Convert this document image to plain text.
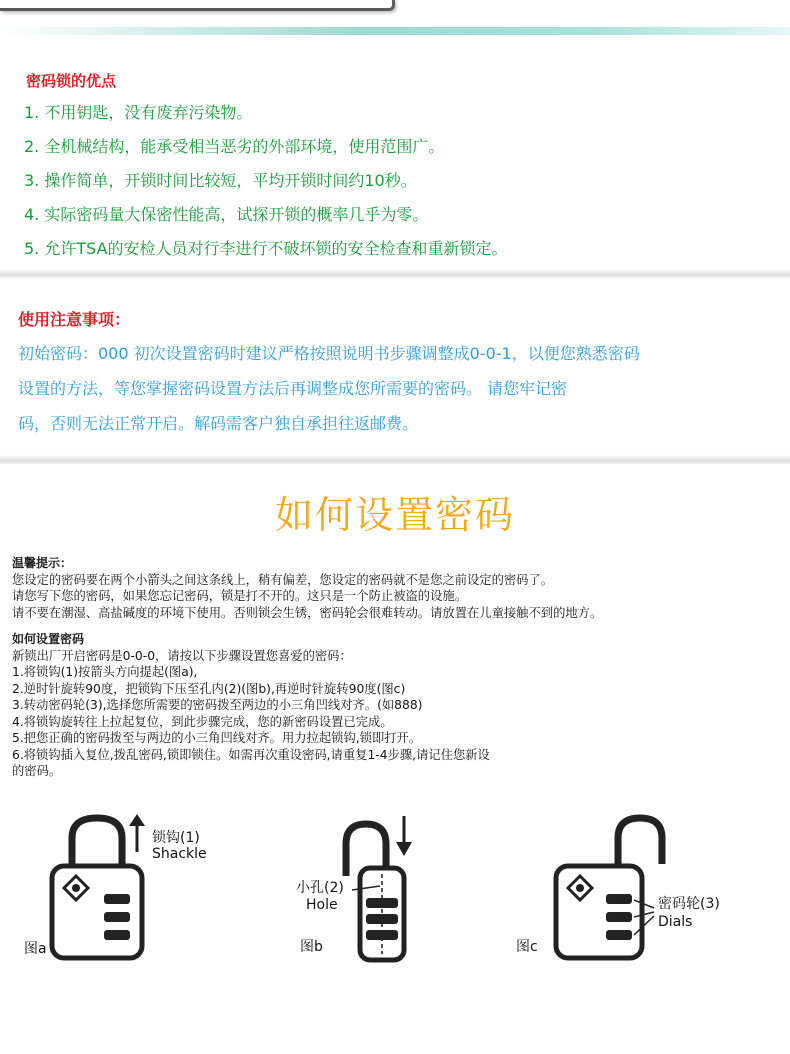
密码锁的优点
1. 不用钥匙，没有废弃污染物。
2. 全机械结构，能承受相当恶劣的外部环境，使用范围广。
3. 操作简单，开锁时间比较短，平均开锁时间约10秒。
4. 实际密码量大保密性能高，试探开锁的概率几乎为零。
5. 允许TSA的安检人员对行李进行不破坏锁的安全检查和重新锁定。
使用注意事项：
初始密码：000 初次设置密码时建议严格按照说明书步骤调整成0-0-1，以便您熟悉密码
设置的方法，等您掌握密码设置方法后再调整成您所需要的密码。 请您牢记密
码，否则无法正常开启。解码需客户独自承担往返邮费。
如何设置密码
温馨提示：
您设定的密码要在两个小箭头之间这条线上，稍有偏差，您设定的密码就不是您之前设定的密码了。
请您写下您的密码，如果您忘记密码，锁是打不开的。这只是一个防止被盗的设施。
请不要在潮湿、高盐碱度的环境下使用。否则锁会生锈，密码轮会很难转动。请放置在儿童接触不到的地方。
如何设置密码
新锁出厂开启密码是0-0-0，请按以下步骤设置您喜爱的密码：
1.将锁钩(1)按箭头方向提起(图a),
2.逆时针旋转90度，把锁钩下压至孔内(2)(图b),再逆时针旋转90度(图c)
3.转动密码轮(3),选择您所需要的密码拨至两边的小三角凹线对齐。(如888)
4.将锁钩旋转往上拉起复位，到此步骤完成，您的新密码设置已完成。
5.把您正确的密码拨至与两边的小三角凹线对齐。用力拉起锁钩,锁即打开。
6.将锁钩插入复位,拨乱密码,锁即锁住。如需再次重设密码,请重复1-4步骤,请记住您新设
的密码。
锁钩(1)
Shackle
图a
小孔(2)
Hole
图b
密码轮(3)
Dials
图c
